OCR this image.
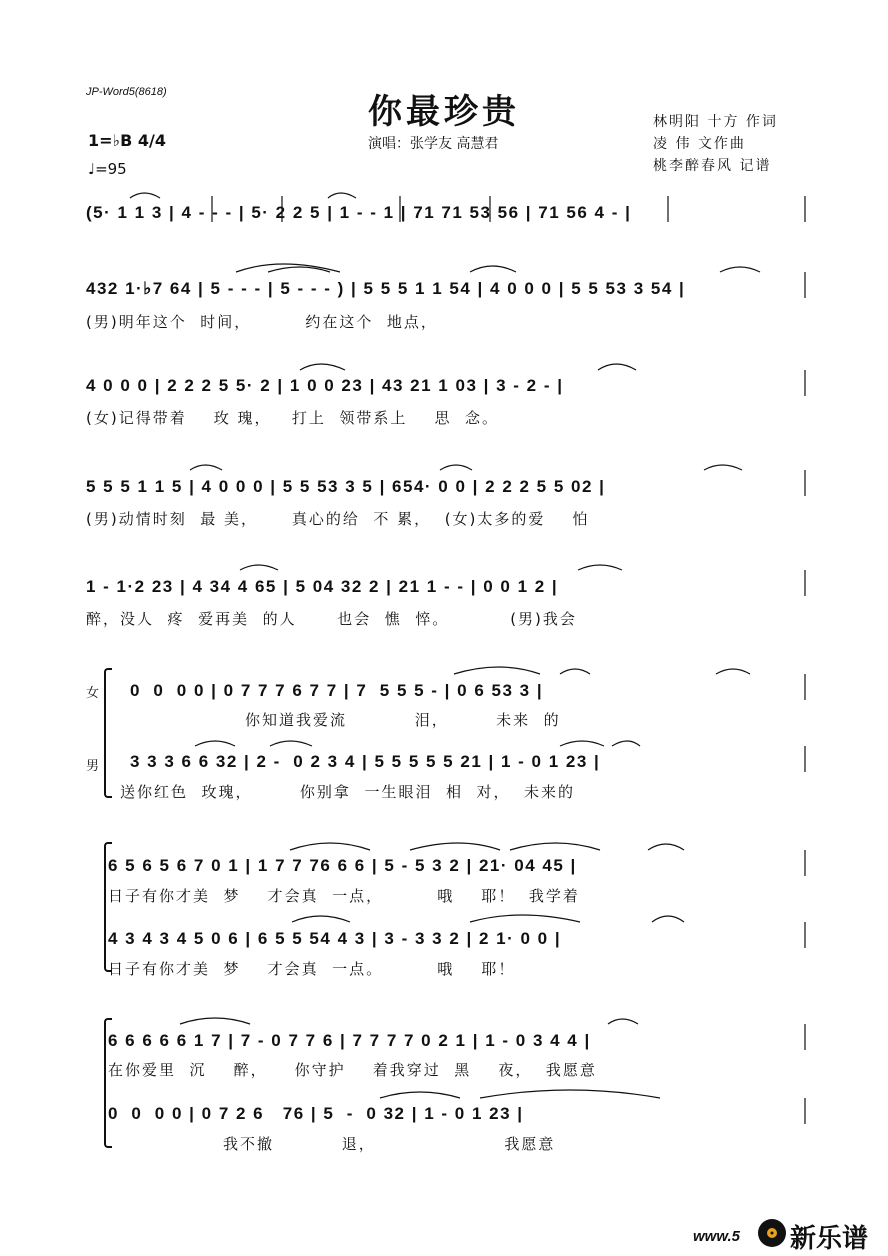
JP-Word5(8618)	你最珍贵
演唱：张学友 高慧君
林明阳 十方 作词
凌 伟 文作曲
桃李醉春风 记谱
1=♭B 4/4
♩=95
(5· 1 1 3 | 4 - - - | 5· 2 2 5 | 1 - - 1 | 71 71 53 56 | 71 56 4 - |
432 1·♭7 64 | 5 - - - | 5 - - - ) | 5 5 5 1 1 54 | 4 0 0 0 | 5 5 53 3 54 |
(男)明年这个  时间，        约在这个  地点，
4 0 0 0 | 2 2 2 5 5· 2 | 1 0 0 23 | 43 21 1 03 | 3 - 2 - |
(女)记得带着    玫 瑰，   打上  领带系上    思  念。
5 5 5 1 1 5 | 4 0 0 0 | 5 5 53 3 5 | 654· 0 0 | 2 2 2 5 5 02 |
(男)动情时刻  最 美，     真心的给  不 累，  (女)太多的爱    怕
1 - 1·2 23 | 4 34 4 65 | 5 04 32 2 | 21 1 - - | 0 0 1 2 |
醉，没人  疼  爱再美  的人      也会  憔  悴。         (男)我会
女
男
0  0  0 0 | 0 7 7 7 6 7 7 | 7  5 5 5 - | 0 6 53 3 |
你知道我爱流          泪，       未来  的
3 3 3 6 6 32 | 2 -  0 2 3 4 | 5 5 5 5 5 21 | 1 - 0 1 23 |
送你红色  玫瑰，       你别拿  一生眼泪  相  对，  未来的
6 5 6 5 6 7 0 1 | 1 7 7 76 6 6 | 5 - 5 3 2 | 21· 04 45 |
日子有你才美  梦    才会真  一点，        哦    耶！  我学着
4 3 4 3 4 5 0 6 | 6 5 5 54 4 3 | 3 - 3 3 2 | 2 1· 0 0 |
日子有你才美  梦    才会真  一点。        哦    耶！
6 6 6 6 6 1 7 | 7 - 0 7 7 6 | 7 7 7 7 0 2 1 | 1 - 0 3 4 4 |
在你爱里  沉    醉，    你守护    着我穿过  黑    夜，  我愿意
0  0  0 0 | 0 7 2 6   76 | 5  -  0 32 | 1 - 0 1 23 |
我不撤          退，                   我愿意
www.5 新乐谱
